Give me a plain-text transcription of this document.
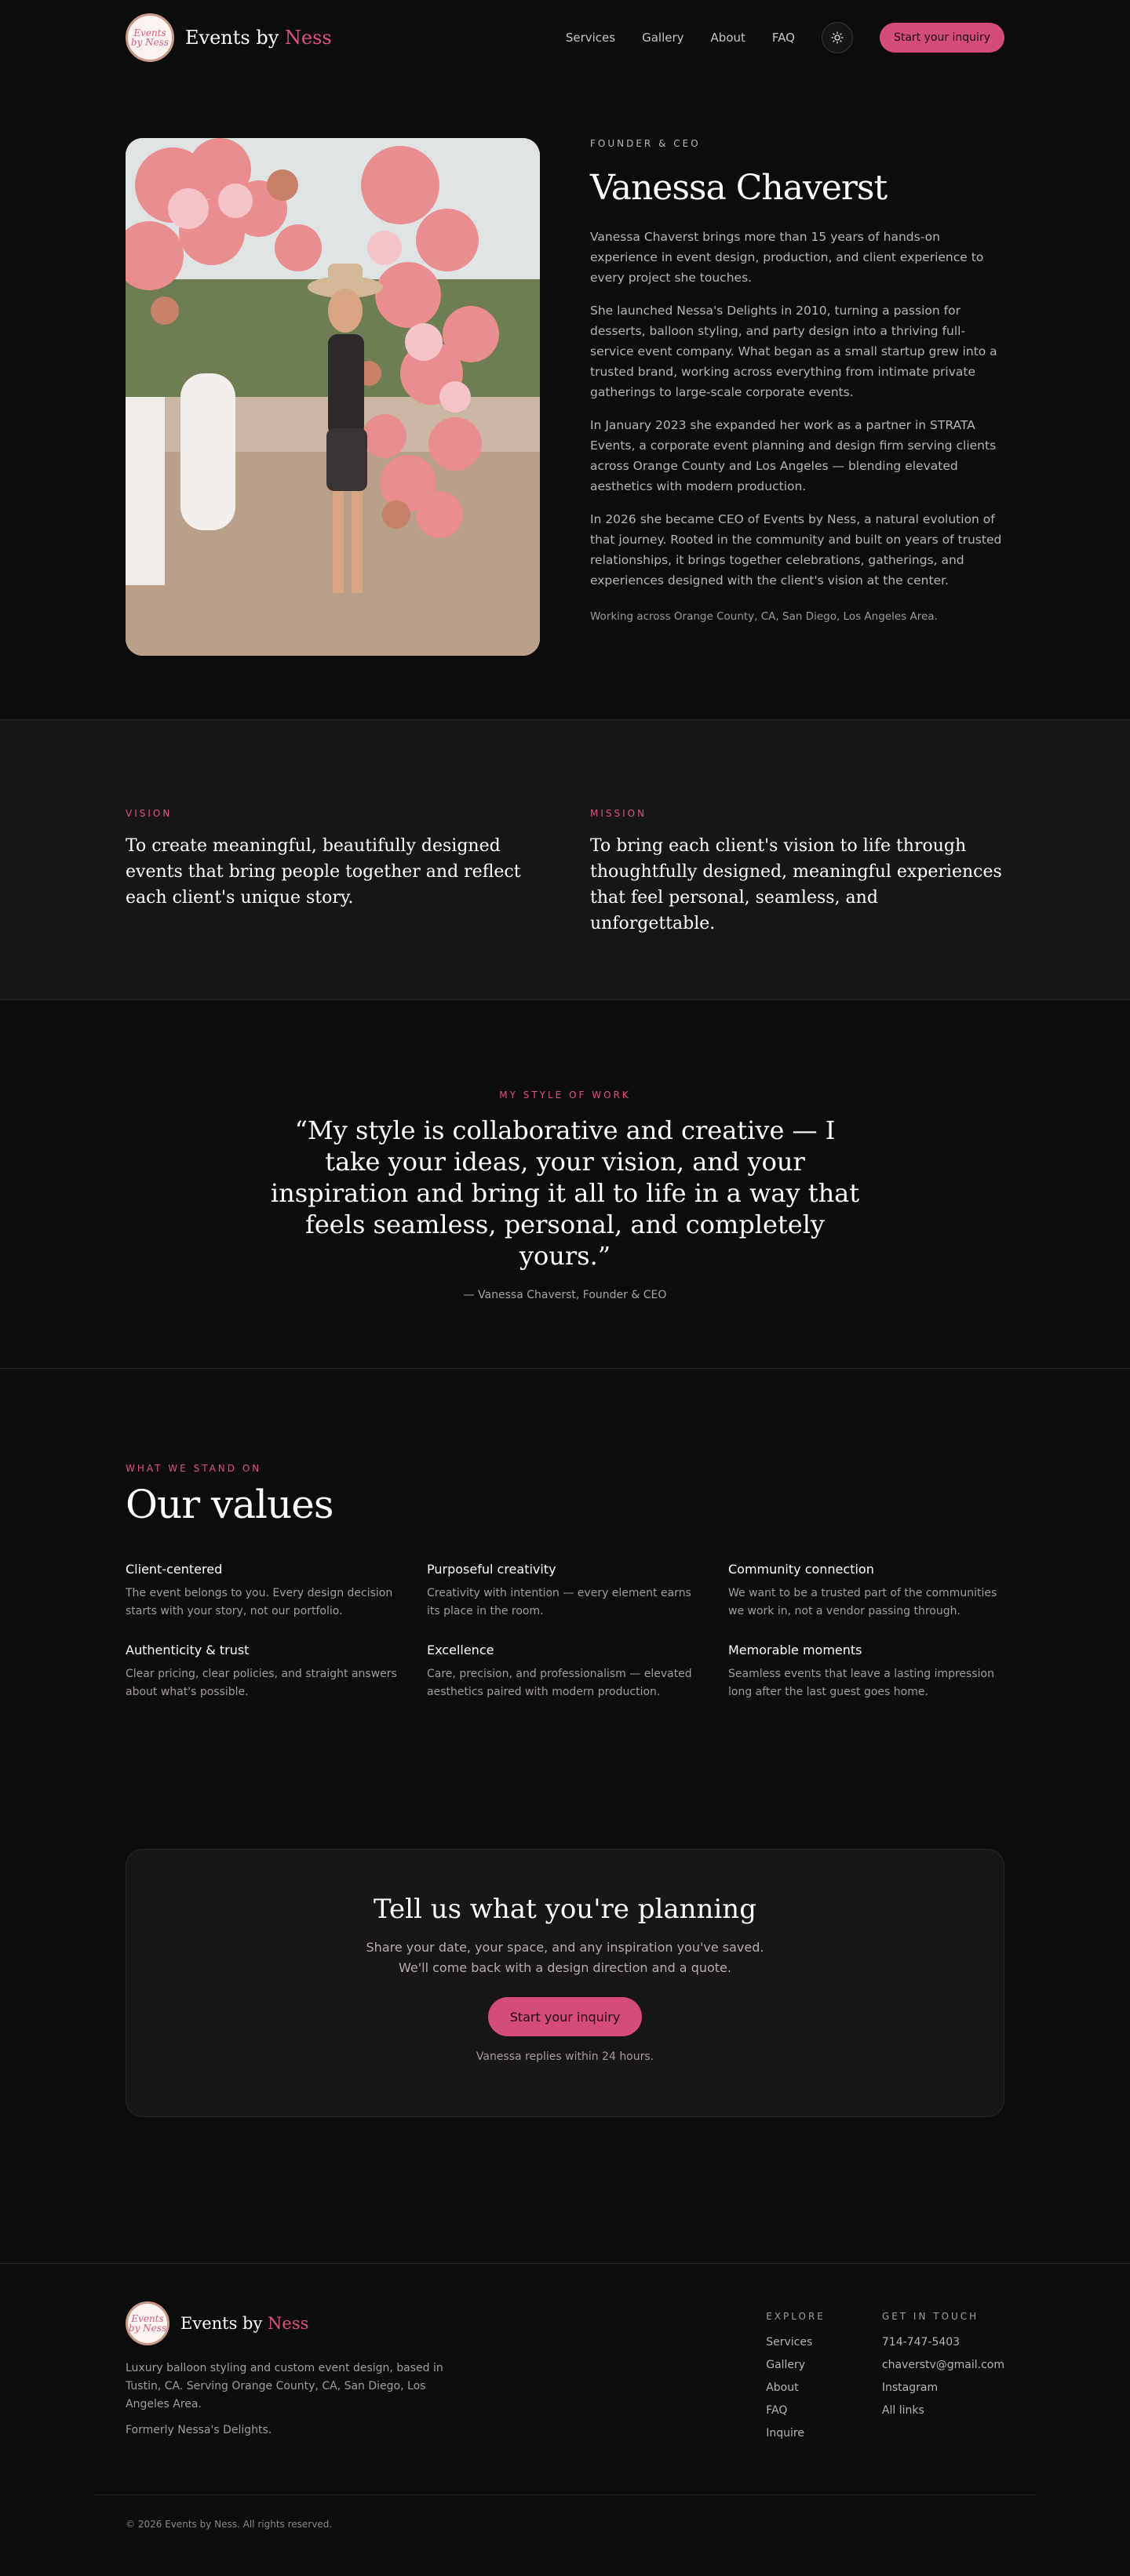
Events by Ness Events by Ness	Services Gallery About FAQ	Start your inquiry
FOUNDER & CEO
Vanessa Chaverst

Vanessa Chaverst brings more than 15 years of hands-on experience in event design, production, and client experience to every project she touches.

She launched Nessa's Delights in 2010, turning a passion for desserts, balloon styling, and party design into a thriving full-service event company. What began as a small startup grew into a trusted brand, working across everything from intimate private gatherings to large-scale corporate events.

In January 2023 she expanded her work as a partner in STRATA Events, a corporate event planning and design firm serving clients across Orange County and Los Angeles — blending elevated aesthetics with modern production.

In 2026 she became CEO of Events by Ness, a natural evolution of that journey. Rooted in the community and built on years of trusted relationships, it brings together celebrations, gatherings, and experiences designed with the client's vision at the center.

Working across Orange County, CA, San Diego, Los Angeles Area.

VISION

To create meaningful, beautifully designed events that bring people together and reflect each client's unique story.

MISSION

To bring each client's vision to life through thoughtfully designed, meaningful experiences that feel personal, seamless, and unforgettable.

MY STYLE OF WORK
“My style is collaborative and creative — I take your ideas, your vision, and your inspiration and bring it all to life in a way that feels seamless, personal, and completely yours.”
— Vanessa Chaverst, Founder & CEO
WHAT WE STAND ON
Our values
Client-centered

The event belongs to you. Every design decision starts with your story, not our portfolio.

Purposeful creativity

Creativity with intention — every element earns its place in the room.

Community connection

We want to be a trusted part of the communities we work in, not a vendor passing through.

Authenticity & trust

Clear pricing, clear policies, and straight answers about what's possible.

Excellence

Care, precision, and professionalism — elevated aesthetics paired with modern production.

Memorable moments

Seamless events that leave a lasting impression long after the last guest goes home.

Tell us what you're planning

Share your date, your space, and any inspiration you've saved.

We'll come back with a design direction and a quote.

Start your inquiry

Vanessa replies within 24 hours.

Events by Ness Events by Ness

Luxury balloon styling and custom event design, based in Tustin, CA. Serving Orange County, CA, San Diego, Los Angeles Area.

Formerly Nessa's Delights.

EXPLORE
Services
Gallery
About
FAQ
Inquire
GET IN TOUCH
714-747-5403
chaverstv@gmail.com
Instagram
All links
© 2026 Events by Ness. All rights reserved.
